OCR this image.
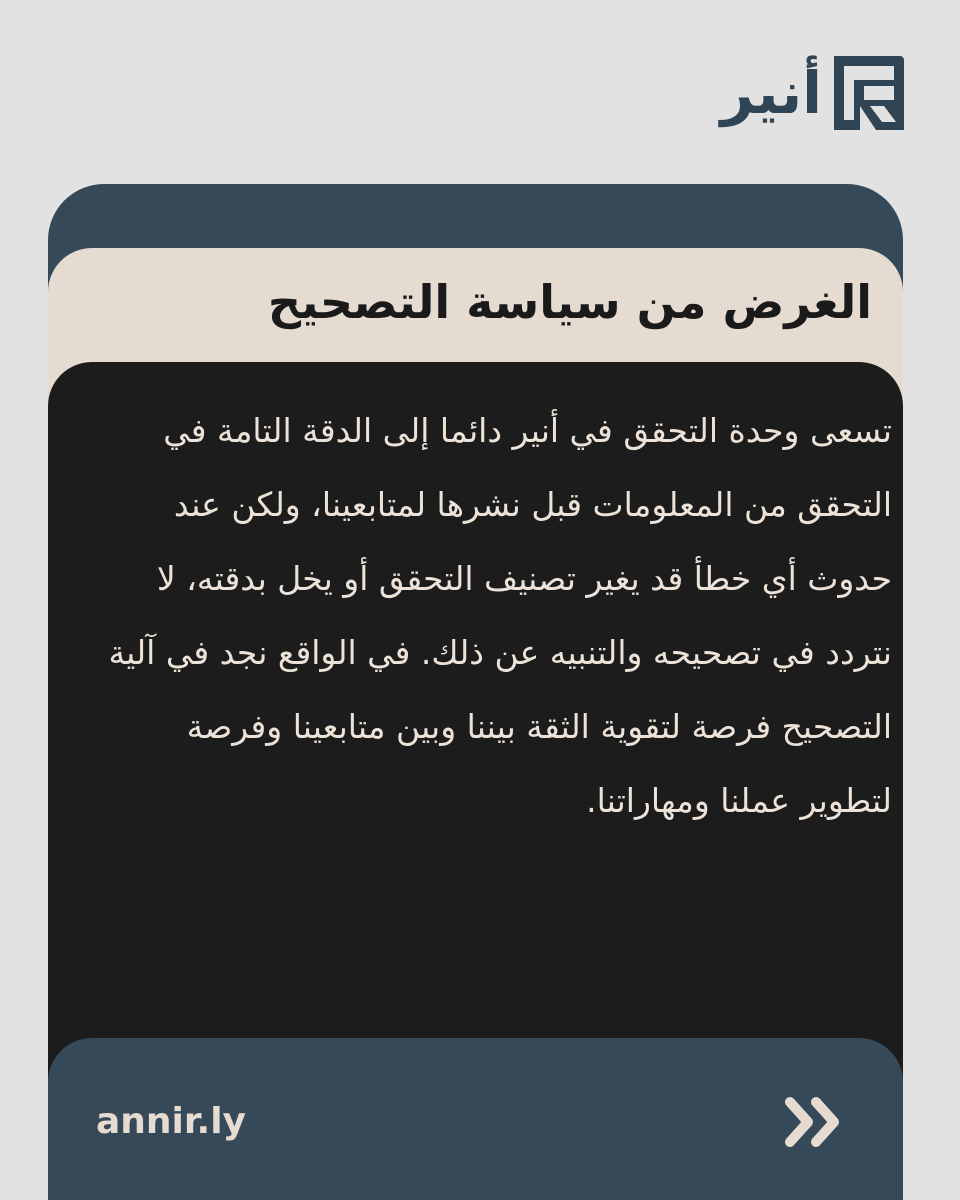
أنير
الغرض من سياسة التصحيح

تسعى وحدة التحقق في أنير دائما إلى الدقة التامة في التحقق من المعلومات قبل نشرها لمتابعينا، ولكن عند حدوث أي خطأ قد يغير تصنيف التحقق أو يخل بدقته، لا نتردد في تصحيحه والتنبيه عن ذلك. في الواقع نجد في آلية التصحيح فرصة لتقوية الثقة بيننا وبين متابعينا وفرصة لتطوير عملنا ومهاراتنا.

annir.ly
